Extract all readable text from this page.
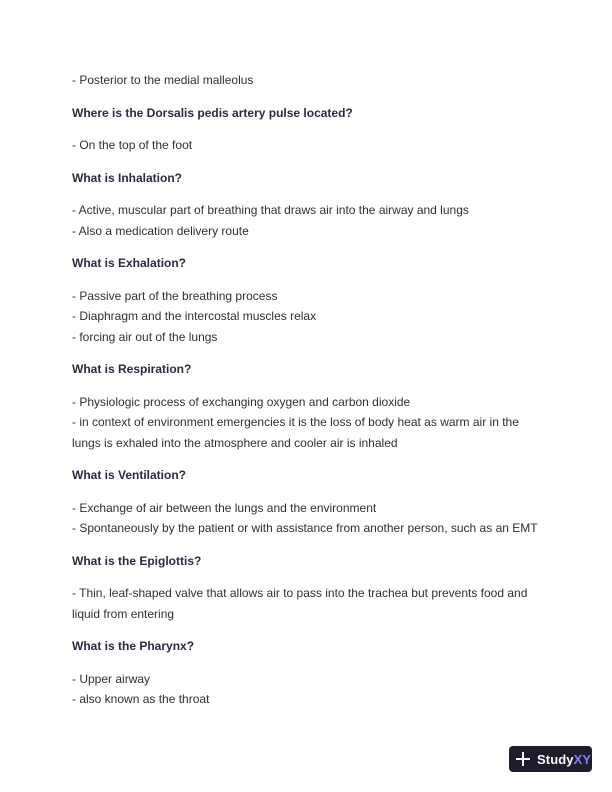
- Posterior to the medial malleolus
Where is the Dorsalis pedis artery pulse located?
- On the top of the foot
What is Inhalation?
- Active, muscular part of breathing that draws air into the airway and lungs
- Also a medication delivery route
What is Exhalation?
- Passive part of the breathing process
- Diaphragm and the intercostal muscles relax
- forcing air out of the lungs
What is Respiration?
- Physiologic process of exchanging oxygen and carbon dioxide
- in context of environment emergencies it is the loss of body heat as warm air in the lungs is exhaled into the atmosphere and cooler air is inhaled
What is Ventilation?
- Exchange of air between the lungs and the environment
- Spontaneously by the patient or with assistance from another person, such as an EMT
What is the Epiglottis?
- Thin, leaf-shaped valve that allows air to pass into the trachea but prevents food and liquid from entering
What is the Pharynx?
- Upper airway
- also known as the throat
StudyXY
